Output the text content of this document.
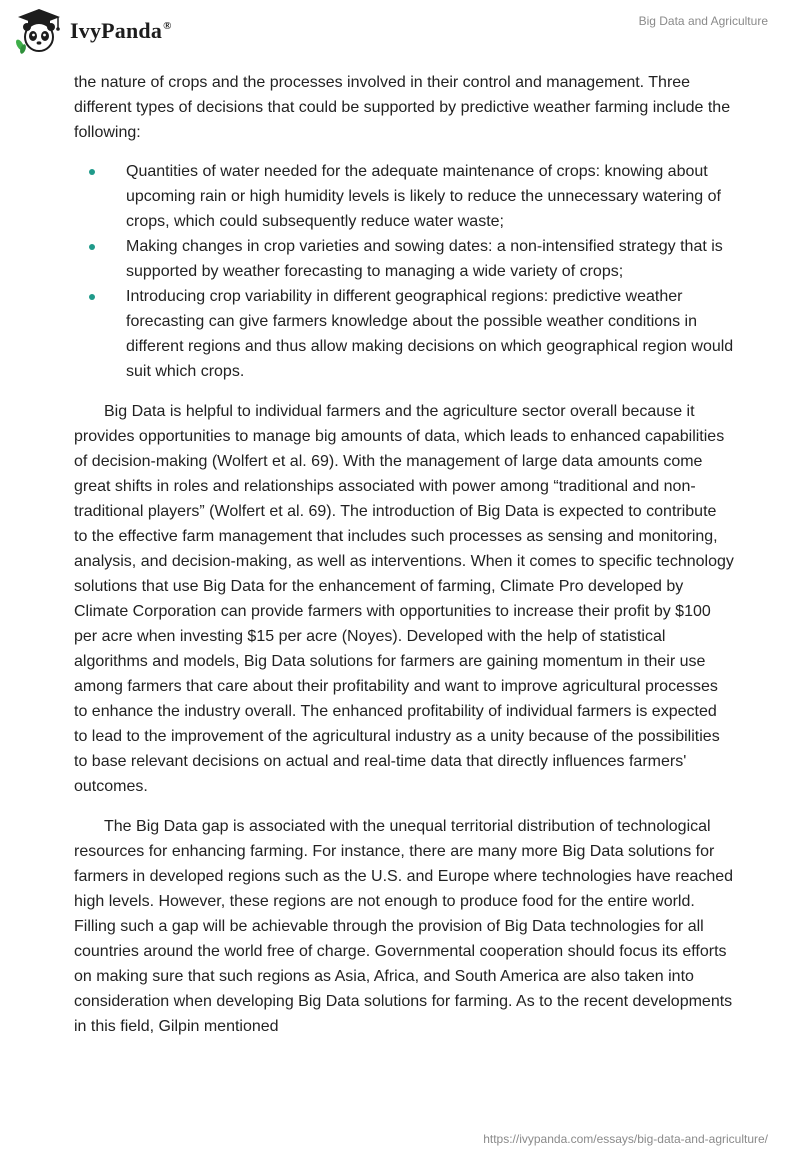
IvyPanda®	Big Data and Agriculture

the nature of crops and the processes involved in their control and management. Three different types of decisions that could be supported by predictive weather farming include the following:

Quantities of water needed for the adequate maintenance of crops: knowing about upcoming rain or high humidity levels is likely to reduce the unnecessary watering of crops, which could subsequently reduce water waste;
Making changes in crop varieties and sowing dates: a non-intensified strategy that is supported by weather forecasting to managing a wide variety of crops;
Introducing crop variability in different geographical regions: predictive weather forecasting can give farmers knowledge about the possible weather conditions in different regions and thus allow making decisions on which geographical region would suit which crops.

Big Data is helpful to individual farmers and the agriculture sector overall because it provides opportunities to manage big amounts of data, which leads to enhanced capabilities of decision-making (Wolfert et al. 69). With the management of large data amounts come great shifts in roles and relationships associated with power among “traditional and non-traditional players” (Wolfert et al. 69). The introduction of Big Data is expected to contribute to the effective farm management that includes such processes as sensing and monitoring, analysis, and decision-making, as well as interventions. When it comes to specific technology solutions that use Big Data for the enhancement of farming, Climate Pro developed by Climate Corporation can provide farmers with opportunities to increase their profit by $100 per acre when investing $15 per acre (Noyes). Developed with the help of statistical algorithms and models, Big Data solutions for farmers are gaining momentum in their use among farmers that care about their profitability and want to improve agricultural processes to enhance the industry overall. The enhanced profitability of individual farmers is expected to lead to the improvement of the agricultural industry as a unity because of the possibilities to base relevant decisions on actual and real-time data that directly influences farmers' outcomes.

The Big Data gap is associated with the unequal territorial distribution of technological resources for enhancing farming. For instance, there are many more Big Data solutions for farmers in developed regions such as the U.S. and Europe where technologies have reached high levels. However, these regions are not enough to produce food for the entire world. Filling such a gap will be achievable through the provision of Big Data technologies for all countries around the world free of charge. Governmental cooperation should focus its efforts on making sure that such regions as Asia, Africa, and South America are also taken into consideration when developing Big Data solutions for farming. As to the recent developments in this field, Gilpin mentioned

https://ivypanda.com/essays/big-data-and-agriculture/
